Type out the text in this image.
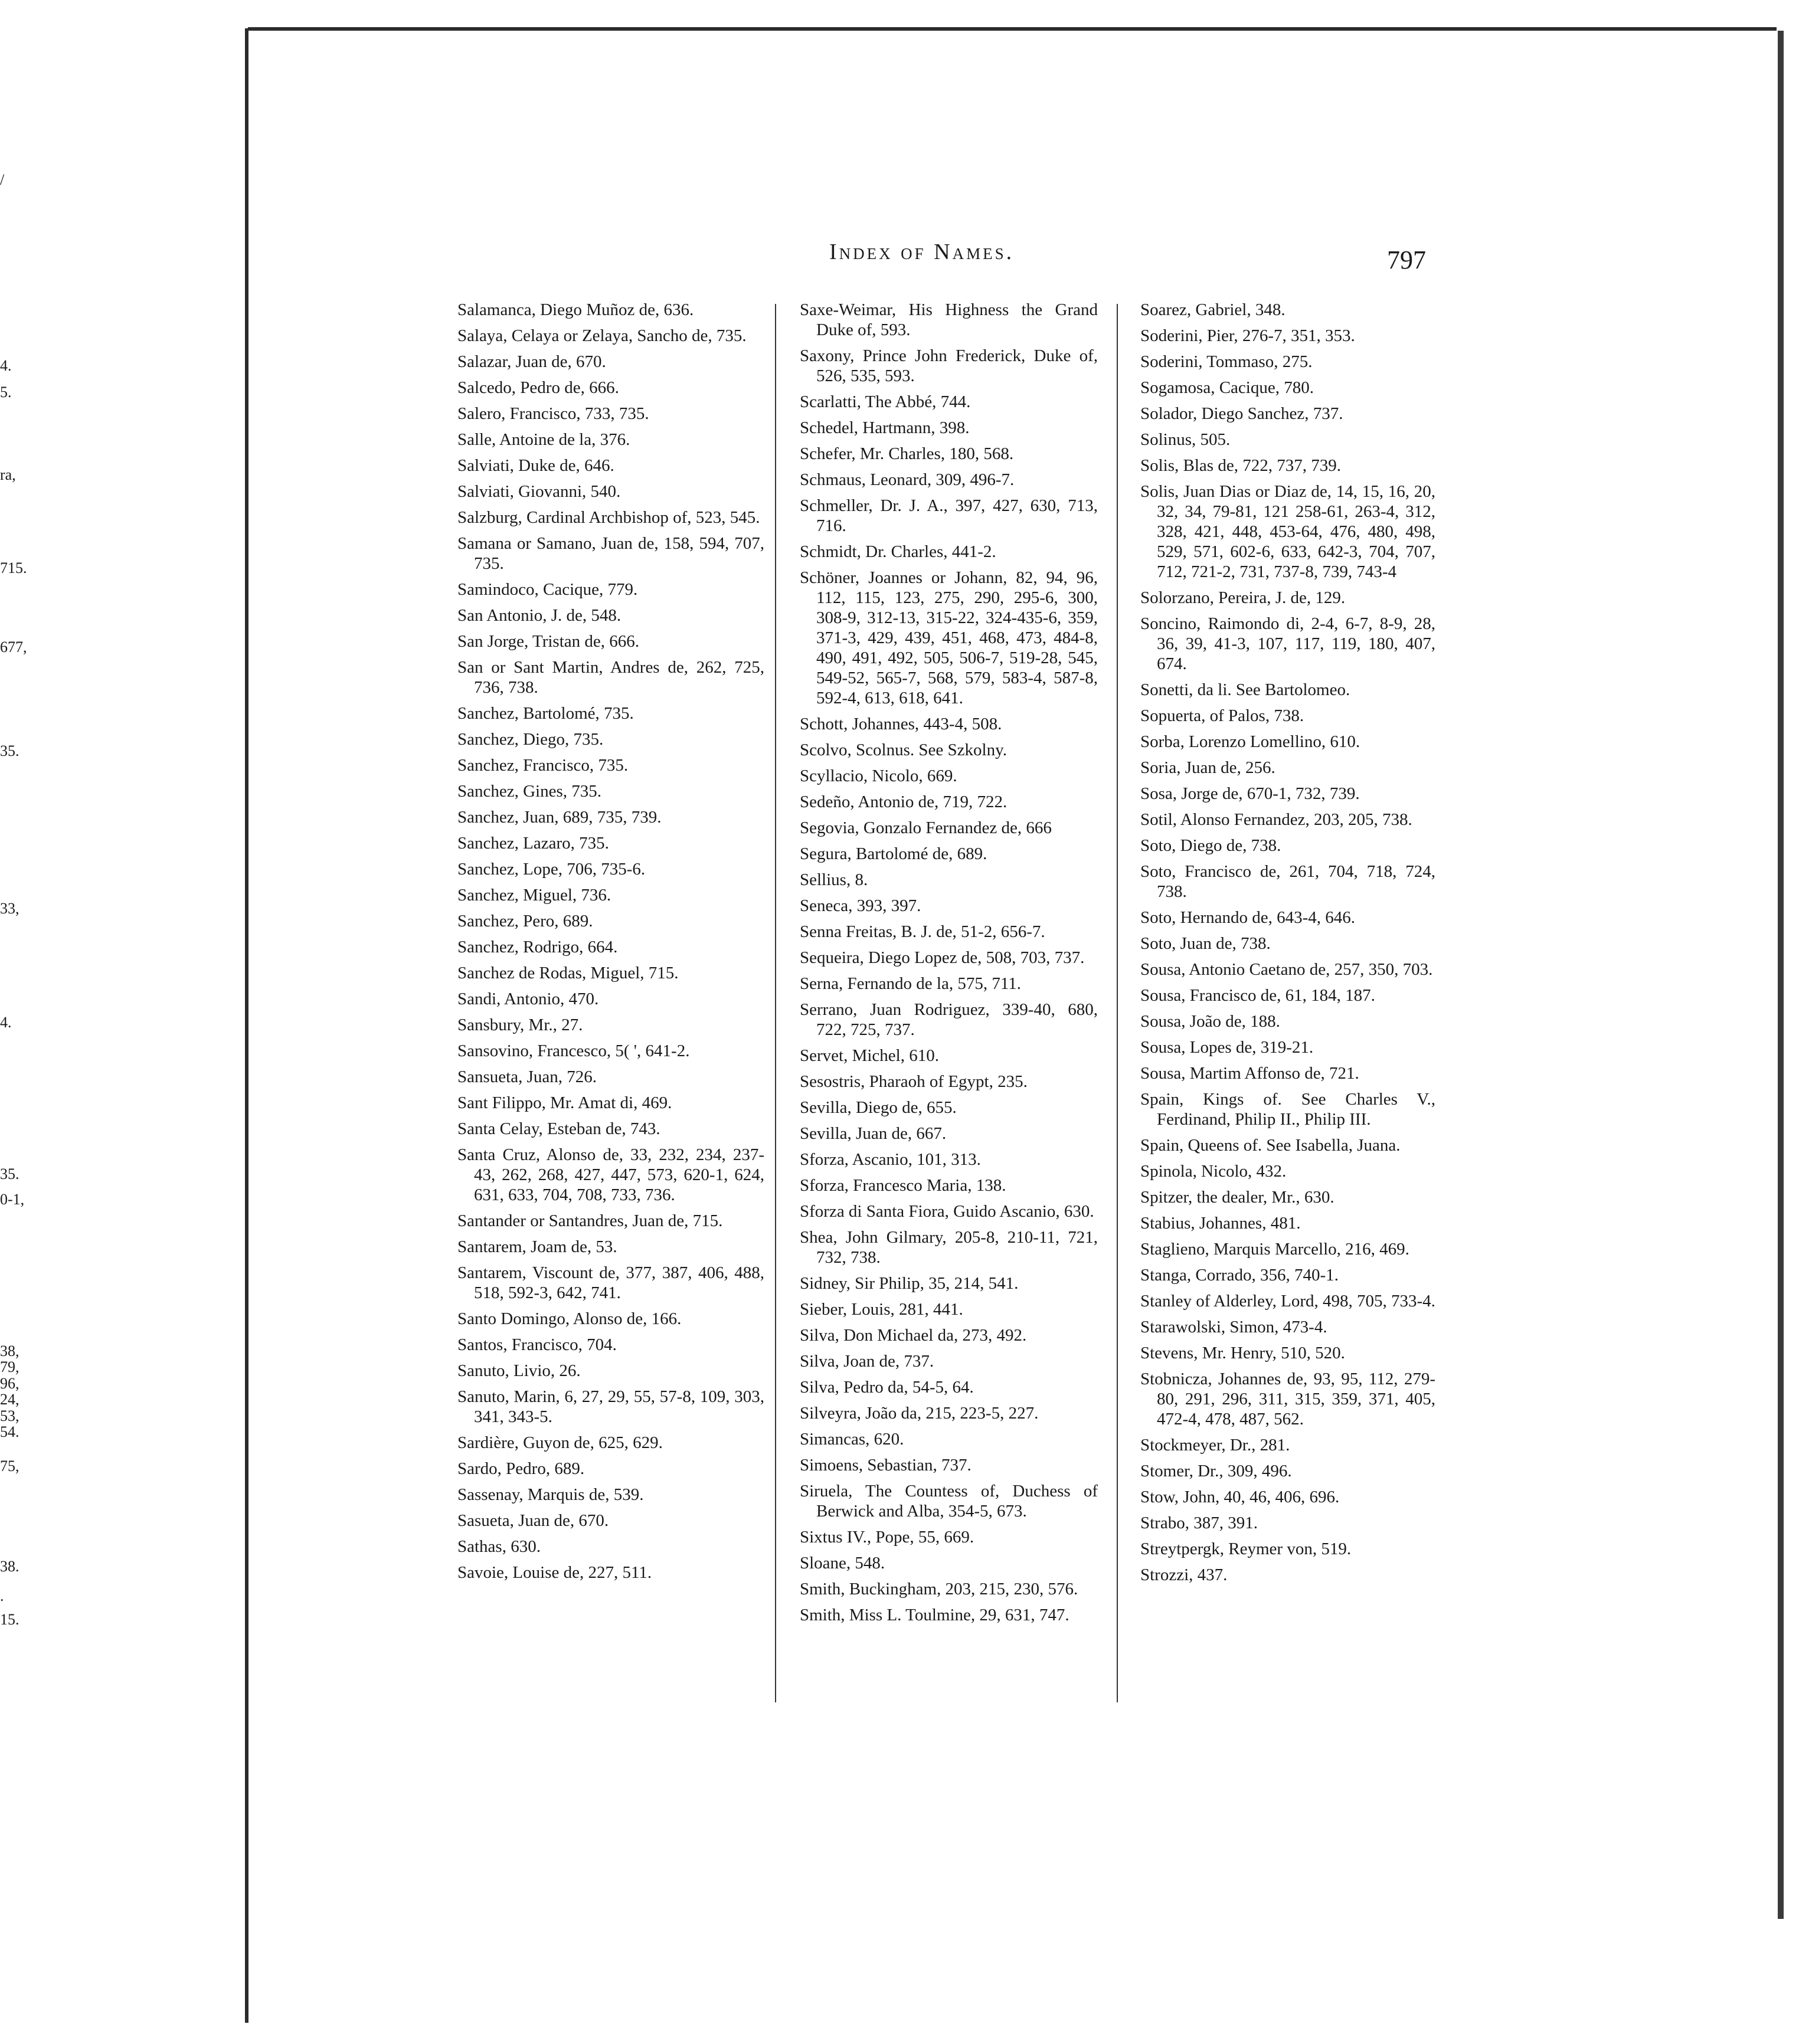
/
4.
5.
ra,
715.
677,
35.
33,
4.
35.
0-1,
38,
79,
96,
24,
53,
54.
75,
38.
.
15.
Index of Names.	797

Salamanca, Diego Muñoz de, 636.

Salaya, Celaya or Zelaya, Sancho de, 735.

Salazar, Juan de, 670.

Salcedo, Pedro de, 666.

Salero, Francisco, 733, 735.

Salle, Antoine de la, 376.

Salviati, Duke de, 646.

Salviati, Giovanni, 540.

Salzburg, Cardinal Archbishop of, 523, 545.

Samana or Samano, Juan de, 158, 594, 707, 735.

Samindoco, Cacique, 779.

San Antonio, J. de, 548.

San Jorge, Tristan de, 666.

San or Sant Martin, Andres de, 262, 725, 736, 738.

Sanchez, Bartolomé, 735.

Sanchez, Diego, 735.

Sanchez, Francisco, 735.

Sanchez, Gines, 735.

Sanchez, Juan, 689, 735, 739.

Sanchez, Lazaro, 735.

Sanchez, Lope, 706, 735-6.

Sanchez, Miguel, 736.

Sanchez, Pero, 689.

Sanchez, Rodrigo, 664.

Sanchez de Rodas, Miguel, 715.

Sandi, Antonio, 470.

Sansbury, Mr., 27.

Sansovino, Francesco, 5( ', 641-2.

Sansueta, Juan, 726.

Sant Filippo, Mr. Amat di, 469.

Santa Celay, Esteban de, 743.

Santa Cruz, Alonso de, 33, 232, 234, 237-43, 262, 268, 427, 447, 573, 620-1, 624, 631, 633, 704, 708, 733, 736.

Santander or Santandres, Juan de, 715.

Santarem, Joam de, 53.

Santarem, Viscount de, 377, 387, 406, 488, 518, 592-3, 642, 741.

Santo Domingo, Alonso de, 166.

Santos, Francisco, 704.

Sanuto, Livio, 26.

Sanuto, Marin, 6, 27, 29, 55, 57-8, 109, 303, 341, 343-5.

Sardière, Guyon de, 625, 629.

Sardo, Pedro, 689.

Sassenay, Marquis de, 539.

Sasueta, Juan de, 670.

Sathas, 630.

Savoie, Louise de, 227, 511.

Saxe-Weimar, His Highness the Grand Duke of, 593.

Saxony, Prince John Frederick, Duke of, 526, 535, 593.

Scarlatti, The Abbé, 744.

Schedel, Hartmann, 398.

Schefer, Mr. Charles, 180, 568.

Schmaus, Leonard, 309, 496-7.

Schmeller, Dr. J. A., 397, 427, 630, 713, 716.

Schmidt, Dr. Charles, 441-2.

Schöner, Joannes or Johann, 82, 94, 96, 112, 115, 123, 275, 290, 295-6, 300, 308-9, 312-13, 315-22, 324-435-6, 359, 371-3, 429, 439, 451, 468, 473, 484-8, 490, 491, 492, 505, 506-7, 519-28, 545, 549-52, 565-7, 568, 579, 583-4, 587-8, 592-4, 613, 618, 641.

Schott, Johannes, 443-4, 508.

Scolvo, Scolnus. See Szkolny.

Scyllacio, Nicolo, 669.

Sedeño, Antonio de, 719, 722.

Segovia, Gonzalo Fernandez de, 666

Segura, Bartolomé de, 689.

Sellius, 8.

Seneca, 393, 397.

Senna Freitas, B. J. de, 51-2, 656-7.

Sequeira, Diego Lopez de, 508, 703, 737.

Serna, Fernando de la, 575, 711.

Serrano, Juan Rodriguez, 339-40, 680, 722, 725, 737.

Servet, Michel, 610.

Sesostris, Pharaoh of Egypt, 235.

Sevilla, Diego de, 655.

Sevilla, Juan de, 667.

Sforza, Ascanio, 101, 313.

Sforza, Francesco Maria, 138.

Sforza di Santa Fiora, Guido Ascanio, 630.

Shea, John Gilmary, 205-8, 210-11, 721, 732, 738.

Sidney, Sir Philip, 35, 214, 541.

Sieber, Louis, 281, 441.

Silva, Don Michael da, 273, 492.

Silva, Joan de, 737.

Silva, Pedro da, 54-5, 64.

Silveyra, João da, 215, 223-5, 227.

Simancas, 620.

Simoens, Sebastian, 737.

Siruela, The Countess of, Duchess of Berwick and Alba, 354-5, 673.

Sixtus IV., Pope, 55, 669.

Sloane, 548.

Smith, Buckingham, 203, 215, 230, 576.

Smith, Miss L. Toulmine, 29, 631, 747.

Soarez, Gabriel, 348.

Soderini, Pier, 276-7, 351, 353.

Soderini, Tommaso, 275.

Sogamosa, Cacique, 780.

Solador, Diego Sanchez, 737.

Solinus, 505.

Solis, Blas de, 722, 737, 739.

Solis, Juan Dias or Diaz de, 14, 15, 16, 20, 32, 34, 79-81, 121 258-61, 263-4, 312, 328, 421, 448, 453-64, 476, 480, 498, 529, 571, 602-6, 633, 642-3, 704, 707, 712, 721-2, 731, 737-8, 739, 743-4

Solorzano, Pereira, J. de, 129.

Soncino, Raimondo di, 2-4, 6-7, 8-9, 28, 36, 39, 41-3, 107, 117, 119, 180, 407, 674.

Sonetti, da li. See Bartolomeo.

Sopuerta, of Palos, 738.

Sorba, Lorenzo Lomellino, 610.

Soria, Juan de, 256.

Sosa, Jorge de, 670-1, 732, 739.

Sotil, Alonso Fernandez, 203, 205, 738.

Soto, Diego de, 738.

Soto, Francisco de, 261, 704, 718, 724, 738.

Soto, Hernando de, 643-4, 646.

Soto, Juan de, 738.

Sousa, Antonio Caetano de, 257, 350, 703.

Sousa, Francisco de, 61, 184, 187.

Sousa, João de, 188.

Sousa, Lopes de, 319-21.

Sousa, Martim Affonso de, 721.

Spain, Kings of. See Charles V., Ferdinand, Philip II., Philip III.

Spain, Queens of. See Isabella, Juana.

Spinola, Nicolo, 432.

Spitzer, the dealer, Mr., 630.

Stabius, Johannes, 481.

Staglieno, Marquis Marcello, 216, 469.

Stanga, Corrado, 356, 740-1.

Stanley of Alderley, Lord, 498, 705, 733-4.

Starawolski, Simon, 473-4.

Stevens, Mr. Henry, 510, 520.

Stobnicza, Johannes de, 93, 95, 112, 279-80, 291, 296, 311, 315, 359, 371, 405, 472-4, 478, 487, 562.

Stockmeyer, Dr., 281.

Stomer, Dr., 309, 496.

Stow, John, 40, 46, 406, 696.

Strabo, 387, 391.

Streytpergk, Reymer von, 519.

Strozzi, 437.
